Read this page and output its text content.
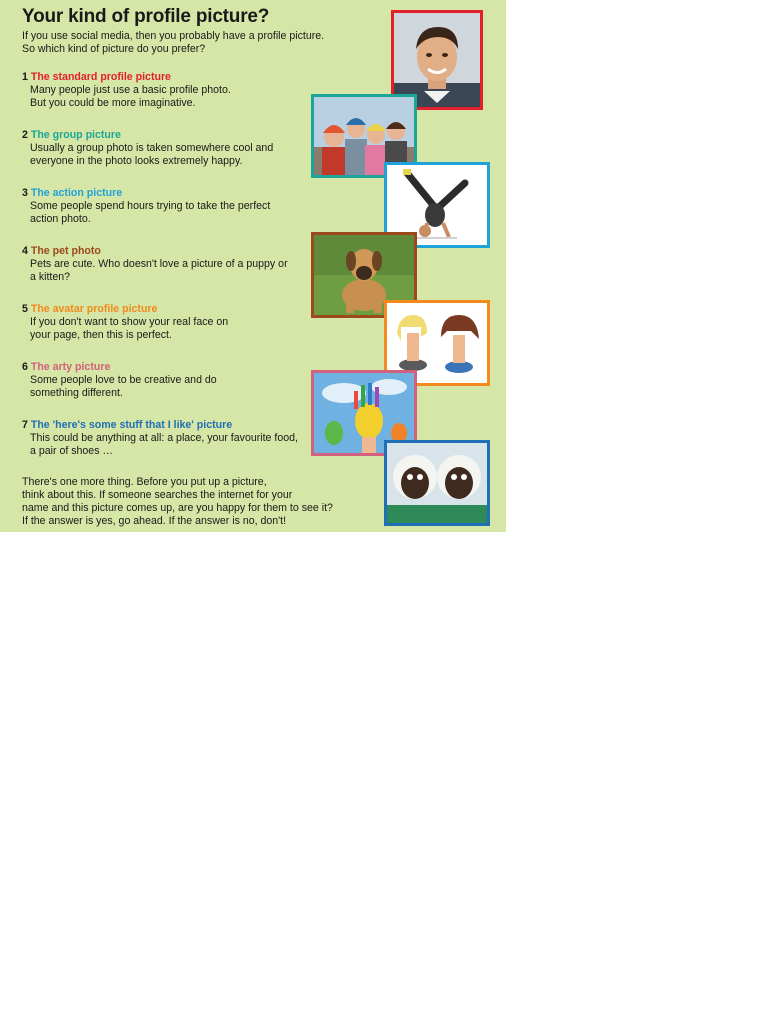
Your kind of profile picture?

If you use social media, then you probably have a profile picture.
So which kind of picture do you prefer?

1 The standard profile picture

Many people just use a basic profile photo.
But you could be more imaginative.

2 The group picture

Usually a group photo is taken somewhere cool and
everyone in the photo looks extremely happy.

3 The action picture

Some people spend hours trying to take the perfect
action photo.

4 The pet photo

Pets are cute. Who doesn't love a picture of a puppy or
a kitten?

5 The avatar profile picture

If you don't want to show your real face on
your page, then this is perfect.

6 The arty picture

Some people love to be creative and do
something different.

7 The 'here's some stuff that I like' picture

This could be anything at all: a place, your favourite food,
a pair of shoes …

There's one more thing. Before you put up a picture,
think about this. If someone searches the internet for your
name and this picture comes up, are you happy for them to see it?
If the answer is yes, go ahead. If the answer is no, don't!
